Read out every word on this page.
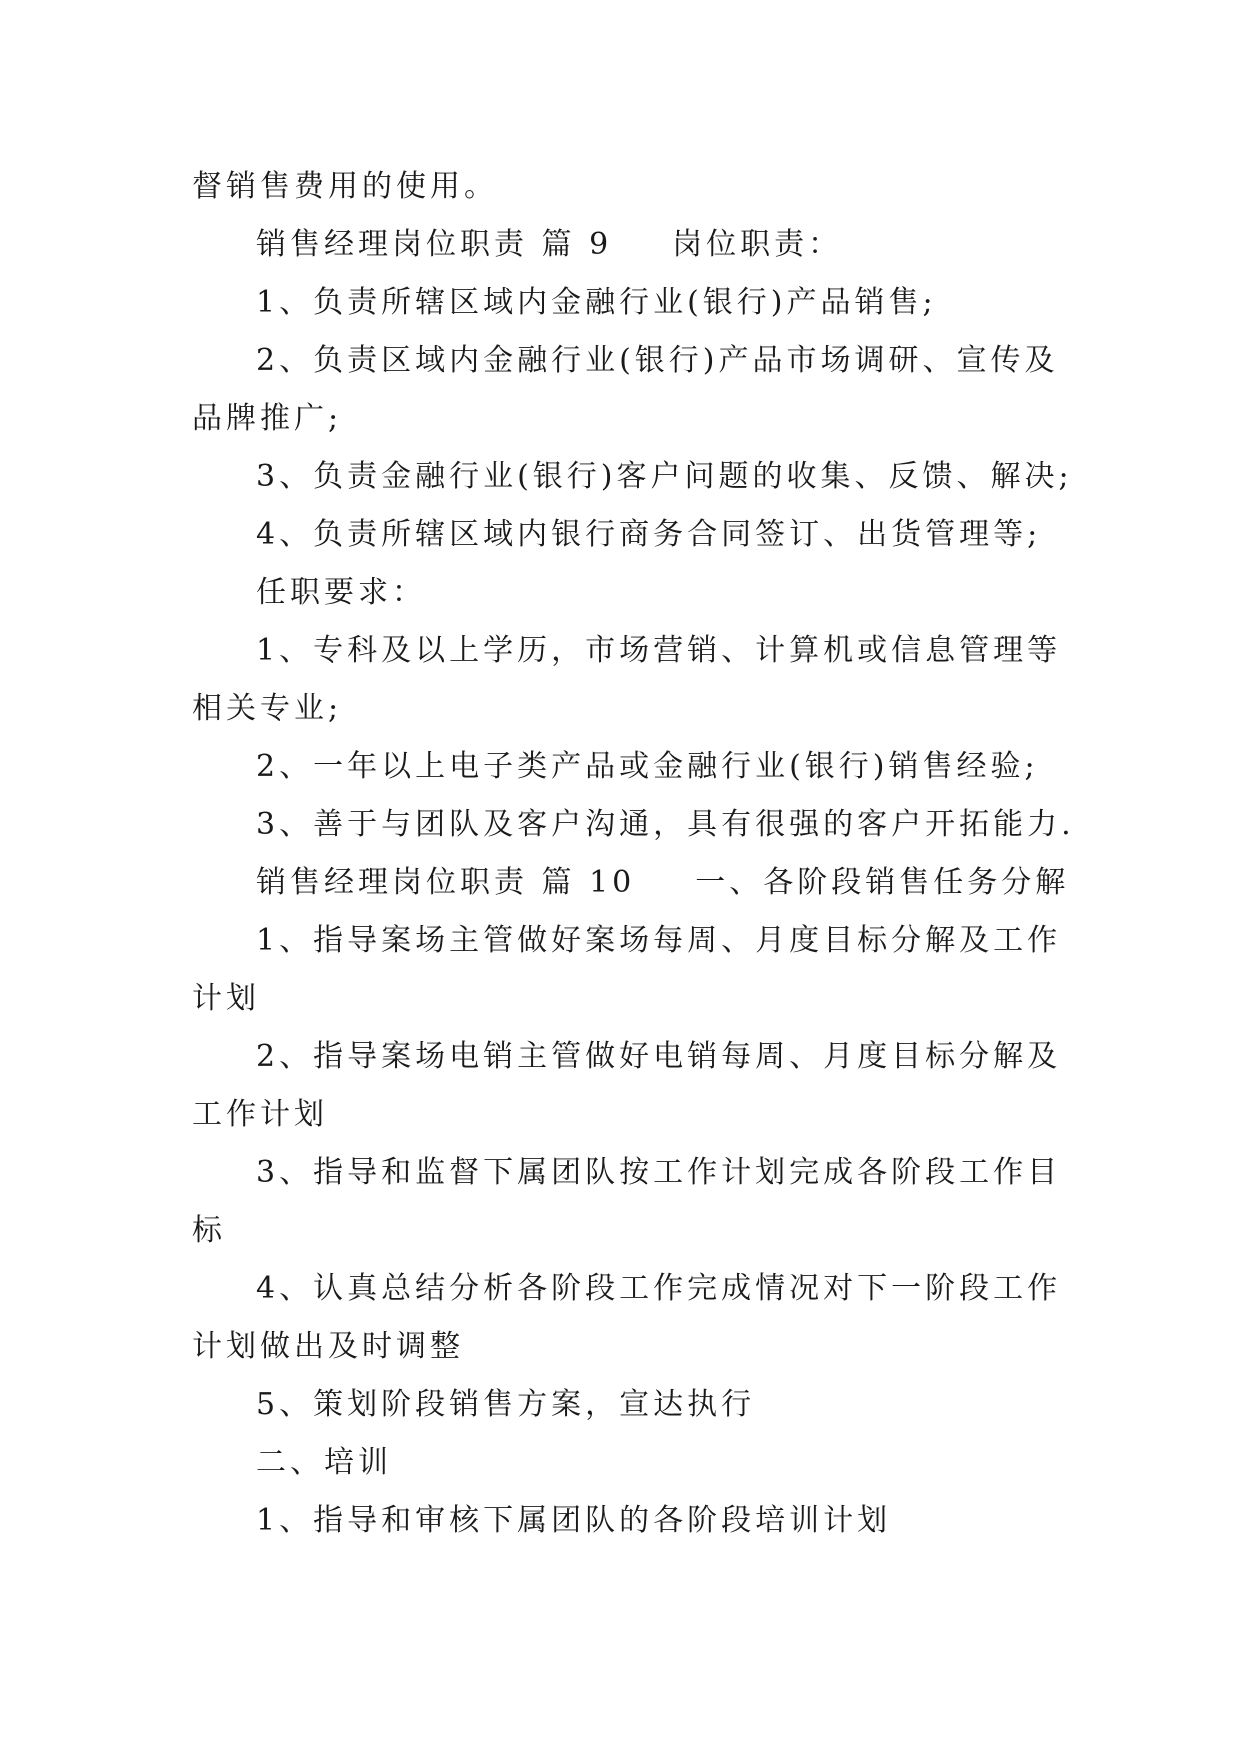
督销售费用的使用。

销售经理岗位职责 篇 9 岗位职责：

1、负责所辖区域内金融行业(银行)产品销售;

2、负责区域内金融行业(银行)产品市场调研、宣传及

品牌推广;

3、负责金融行业(银行)客户问题的收集、反馈、解决;

4、负责所辖区域内银行商务合同签订、出货管理等;

任职要求：

1、专科及以上学历，市场营销、计算机或信息管理等

相关专业;

2、一年以上电子类产品或金融行业(银行)销售经验;

3、善于与团队及客户沟通，具有很强的客户开拓能力.

销售经理岗位职责 篇 10 一、各阶段销售任务分解

1、指导案场主管做好案场每周、月度目标分解及工作

计划

2、指导案场电销主管做好电销每周、月度目标分解及

工作计划

3、指导和监督下属团队按工作计划完成各阶段工作目

标

4、认真总结分析各阶段工作完成情况对下一阶段工作

计划做出及时调整

5、策划阶段销售方案，宣达执行

二、培训

1、指导和审核下属团队的各阶段培训计划
